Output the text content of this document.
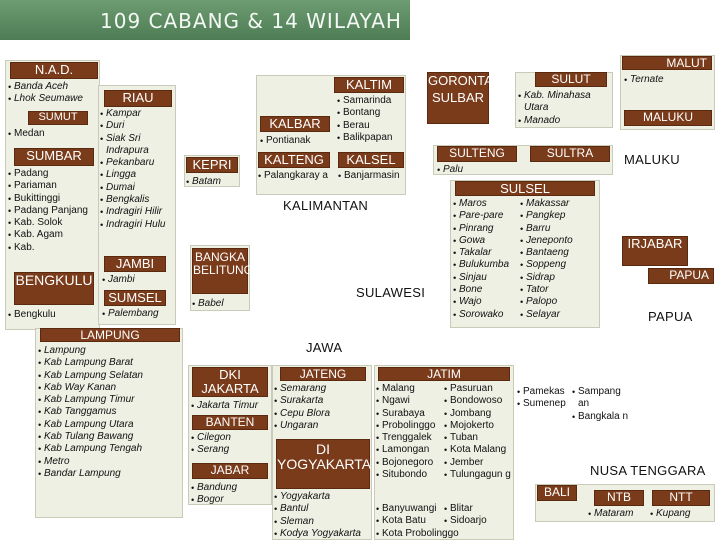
109 CABANG & 14 WILAYAH
N.A.D.
• Banda Aceh
• Lhok Seumawe
SUMUT
• Medan
SUMBAR
• Padang
• Pariaman
• Bukittinggi
• Padang Panjang
• Kab. Solok
• Kab. Agam
• Kab.
BENGKULU
• Bengkulu
RIAU
• Kampar
• Duri
• Siak Sri Indrapura
• Pekanbaru
• Lingga
• Dumai
• Bengkalis
• Indragiri Hilir
• Indragiri Hulu
JAMBI
• Jambi
SUMSEL
• Palembang
KEPRI
• Batam
BANGKA BELITUNG
• Babel
LAMPUNG
• Lampung
• Kab Lampung Barat
• Kab Lampung Selatan
• Kab Way Kanan
• Kab Lampung Timur
• Kab Tanggamus
• Kab Lampung Utara
• Kab Tulang Bawang
• Kab Lampung Tengah
• Metro
• Bandar Lampung
KALBAR
• Pontianak
KALTIM
• Samarinda
• Bontang
• Berau
• Balikpapan
KALTENG
• Palangkaray a
KALSEL
• Banjarmasin
KALIMANTAN
GORONTALO
SULBAR
SULUT
• Kab. Minahasa Utara
• Manado
SULTENG	SULTRA
• Palu
SULSEL
• Maros
• Pare-pare
• Pinrang
• Gowa
• Takalar
• Bulukumba
• Sinjau
• Bone
• Wajo
• Sorowako
• Makassar
• Pangkep
• Barru
• Jeneponto
• Bantaeng
• Soppeng
• Sidrap
• Tator
• Palopo
• Selayar
SULAWESI
MALUT
• Ternate
MALUKU
MALUKU
IRJABAR
PAPUA
PAPUA
JAWA
DKI JAKARTA
• Jakarta Timur
BANTEN
• Cilegon
• Serang
JABAR
• Bandung
• Bogor
JATENG
• Semarang
• Surakarta
• Cepu Blora
• Ungaran
DI YOGYAKARTA
• Yogyakarta
• Bantul
• Sleman
• Kodya Yogyakarta
JATIM
• Malang
• Ngawi
• Surabaya
• Probolinggo
• Trenggalek
• Lamongan
• Bojonegoro
• Situbondo
• Pasuruan
• Bondowoso
• Jombang
• Mojokerto
• Tuban
• Kota Malang
• Jember
• Tulungagun g
• Banyuwangi
• Kota Batu
• Kota Probolinggo
• Blitar
• Sidoarjo
• Pamekas
• Sumenep
• Sampang an
• Bangkala n
NUSA TENGGARA
BALI	NTB
• Mataram
NTT
• Kupang
